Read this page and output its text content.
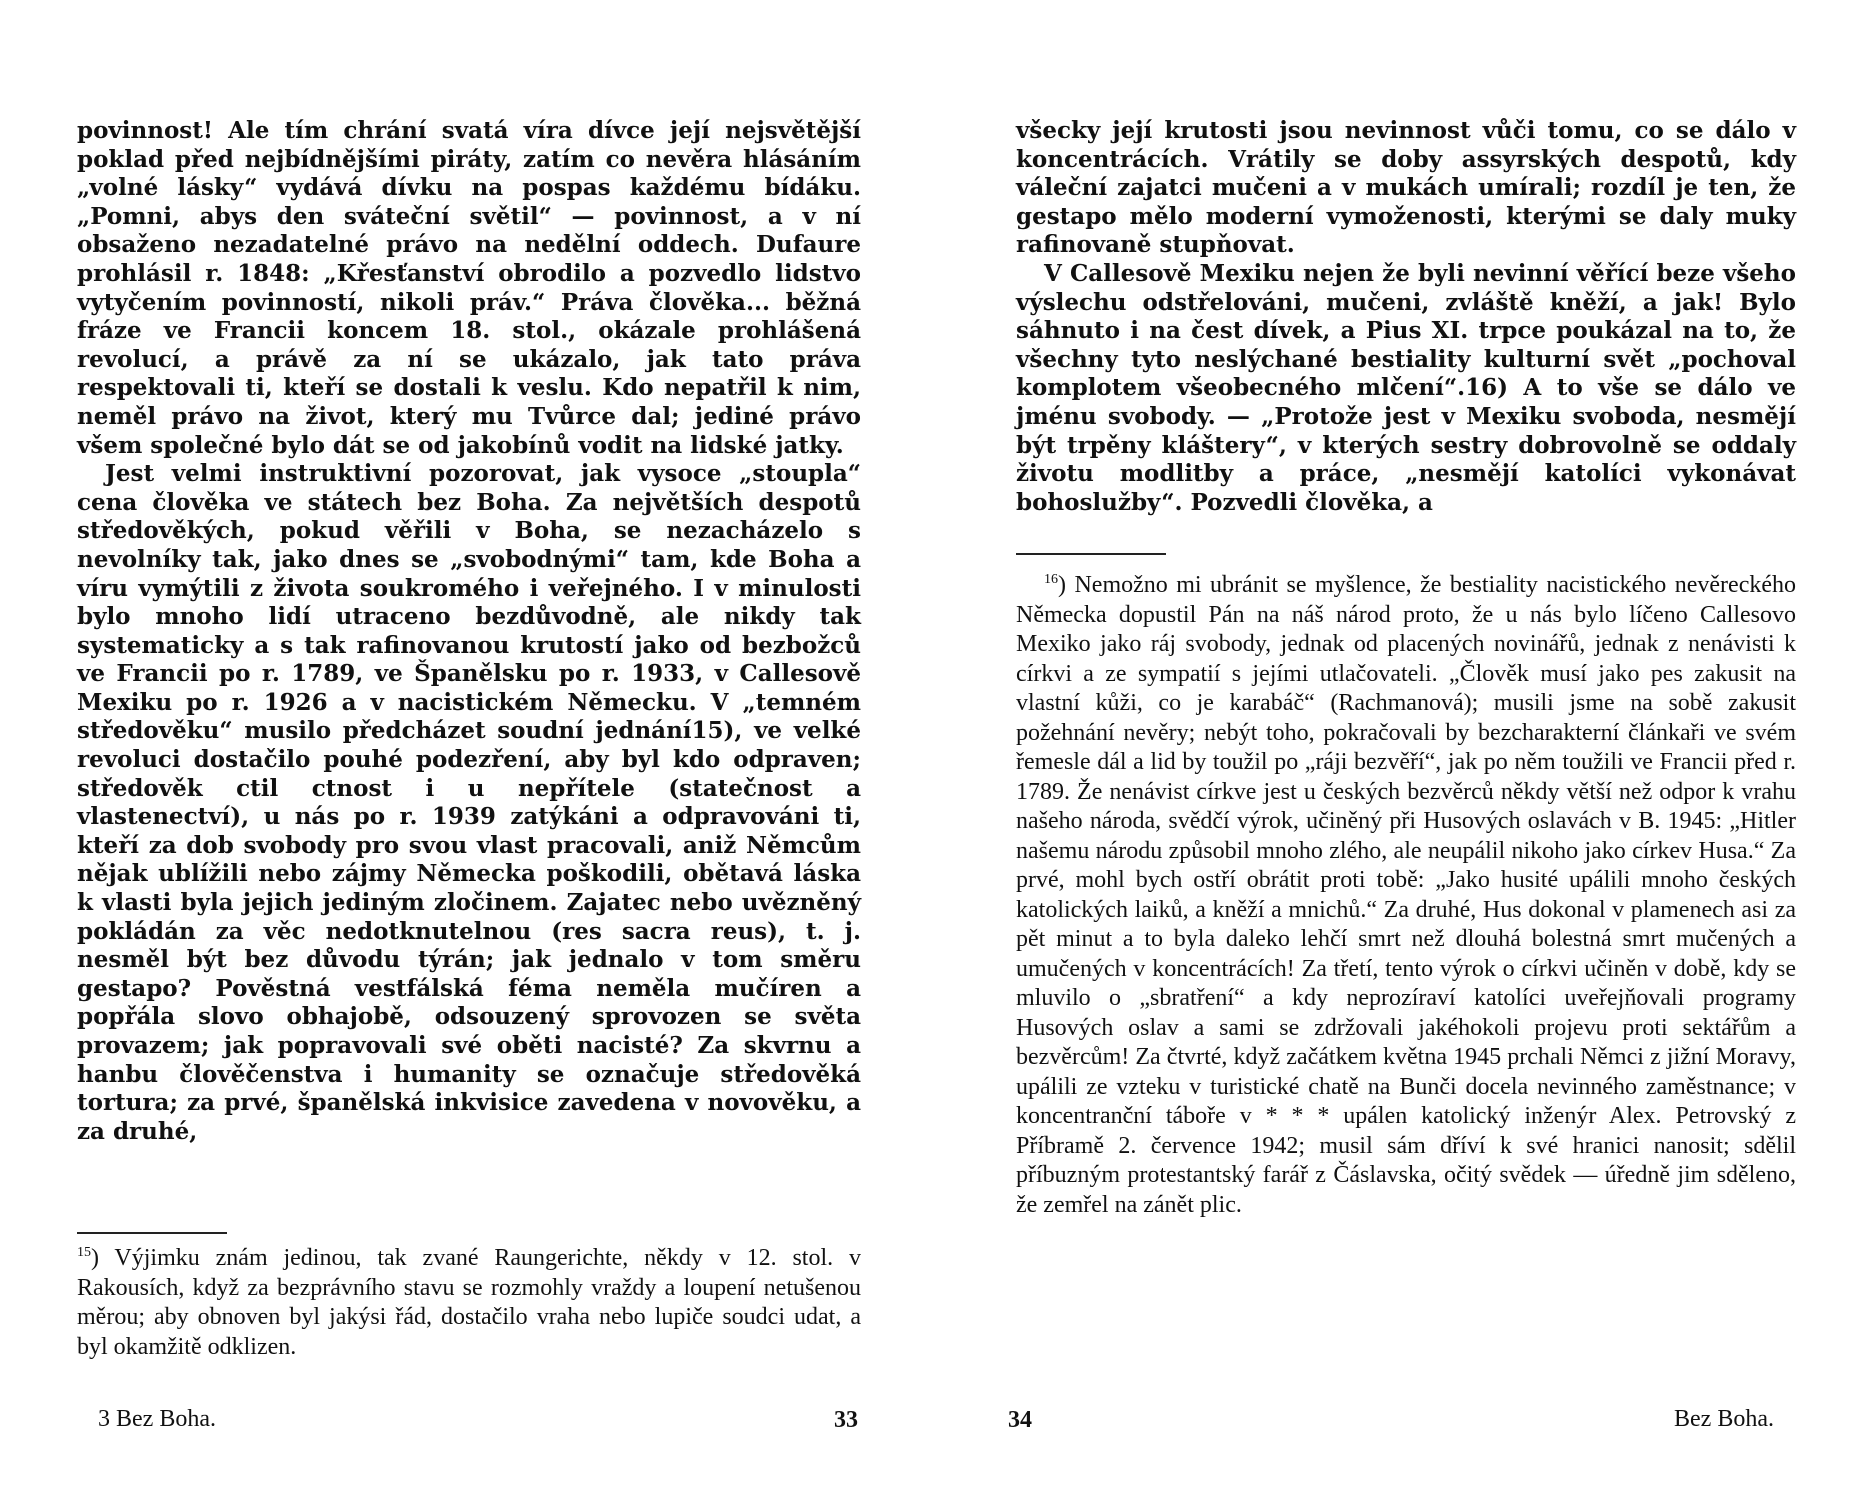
povinnost! Ale tím chrání svatá víra dívce její nejsvětější poklad před nejbídnějšími piráty, zatím co nevěra hlásáním „volné lásky“ vydává dívku na pospas každému bídáku. „Pomni, abys den sváteční světil“ — povinnost, a v ní obsaženo nezadatelné právo na nedělní oddech. Dufaure prohlásil r. 1848: „Křesťanství obrodilo a pozvedlo lidstvo vytyčením povinností, nikoli práv.“ Práva člověka... běžná fráze ve Francii koncem 18. stol., okázale prohlášená revolucí, a právě za ní se ukázalo, jak tato práva respektovali ti, kteří se dostali k veslu. Kdo nepatřil k nim, neměl právo na život, který mu Tvůrce dal; jediné právo všem společné bylo dát se od jakobínů vodit na lidské jatky.

Jest velmi instruktivní pozorovat, jak vysoce „stoupla“ cena člověka ve státech bez Boha. Za největších despotů středověkých, pokud věřili v Boha, se nezacházelo s nevolníky tak, jako dnes se „svobodnými“ tam, kde Boha a víru vymýtili z života soukromého i veřejného. I v minulosti bylo mnoho lidí utraceno bezdůvodně, ale nikdy tak systematicky a s tak rafinovanou krutostí jako od bezbožců ve Francii po r. 1789, ve Španělsku po r. 1933, v Callesově Mexiku po r. 1926 a v nacistickém Německu. V „temném středověku“ musilo předcházet soudní jednání15), ve velké revoluci dostačilo pouhé podezření, aby byl kdo odpraven; středověk ctil ctnost i u nepřítele (statečnost a vlastenectví), u nás po r. 1939 zatýkáni a odpravováni ti, kteří za dob svobody pro svou vlast pracovali, aniž Němcům nějak ublížili nebo zájmy Německa poškodili, obětavá láska k vlasti byla jejich jediným zločinem. Zajatec nebo uvězněný pokládán za věc nedotknutelnou (res sacra reus), t. j. nesměl být bez důvodu týrán; jak jednalo v tom směru gestapo? Pověstná vestfálská féma neměla mučíren a popřála slovo obhajobě, odsouzený sprovozen se světa provazem; jak popravovali své oběti nacisté? Za skvrnu a hanbu člověčenstva i humanity se označuje středověká tortura; za prvé, španělská inkvisice zavedena v novověku, a za druhé,

$^{15}$) Výjimku znám jedinou, tak zvané Raungerichte, někdy v 12. stol. v Rakousích, když za bezprávního stavu se rozmohly vraždy a loupení netušenou měrou; aby obnoven byl jakýsi řád, dostačilo vraha nebo lupiče soudci udat, a byl okamžitě odklizen.

3 Bez Boha.	33

všecky její krutosti jsou nevinnost vůči tomu, co se dálo v koncentrácích. Vrátily se doby assyrských despotů, kdy váleční zajatci mučeni a v mukách umírali; rozdíl je ten, že gestapo mělo moderní vymoženosti, kterými se daly muky rafinovaně stupňovat.

V Callesově Mexiku nejen že byli nevinní věřící beze všeho výslechu odstřelováni, mučeni, zvláště kněží, a jak! Bylo sáhnuto i na čest dívek, a Pius XI. trpce poukázal na to, že všechny tyto neslýchané bestiality kulturní svět „pochoval komplotem všeobecného mlčení“.16) A to vše se dálo ve jménu svobody. — „Protože jest v Mexiku svoboda, nesmějí být trpěny kláštery“, v kterých sestry dobrovolně se oddaly životu modlitby a práce, „nesmějí katolíci vykonávat bohoslužby“. Pozvedli člověka, a

$^{16}$) Nemožno mi ubránit se myšlence, že bestiality nacistického nevěreckého Německa dopustil Pán na náš národ proto, že u nás bylo líčeno Callesovo Mexiko jako ráj svobody, jednak od placených novinářů, jednak z nenávisti k církvi a ze sympatií s jejími utlačovateli. „Člověk musí jako pes zakusit na vlastní kůži, co je karabáč“ (Rachmanová); musili jsme na sobě zakusit požehnání nevěry; nebýt toho, pokračovali by bezcharakterní článkaři ve svém řemesle dál a lid by toužil po „ráji bezvěří“, jak po něm toužili ve Francii před r. 1789. Že nenávist církve jest u českých bezvěrců někdy větší než odpor k vrahu našeho národa, svědčí výrok, učiněný při Husových oslavách v B. 1945: „Hitler našemu národu způsobil mnoho zlého, ale neupálil nikoho jako církev Husa.“ Za prvé, mohl bych ostří obrátit proti tobě: „Jako husité upálili mnoho českých katolických laiků, a kněží a mnichů.“ Za druhé, Hus dokonal v plamenech asi za pět minut a to byla daleko lehčí smrt než dlouhá bolestná smrt mučených a umučených v koncentrácích! Za třetí, tento výrok o církvi učiněn v době, kdy se mluvilo o „sbratření“ a kdy neprozíraví katolíci uveřejňovali programy Husových oslav a sami se zdržovali jakéhokoli projevu proti sektářům a bezvěrcům! Za čtvrté, když začátkem května 1945 prchali Němci z jižní Moravy, upálili ze vzteku v turistické chatě na Bunči docela nevinného zaměstnance; v koncentranční táboře v * * * upálen katolický inženýr Alex. Petrovský z Příbramě 2. července 1942; musil sám dříví k své hranici nanosit; sdělil příbuzným protestantský farář z Čáslavska, očitý svědek — úředně jim sděleno, že zemřel na zánět plic.

34	Bez Boha.
